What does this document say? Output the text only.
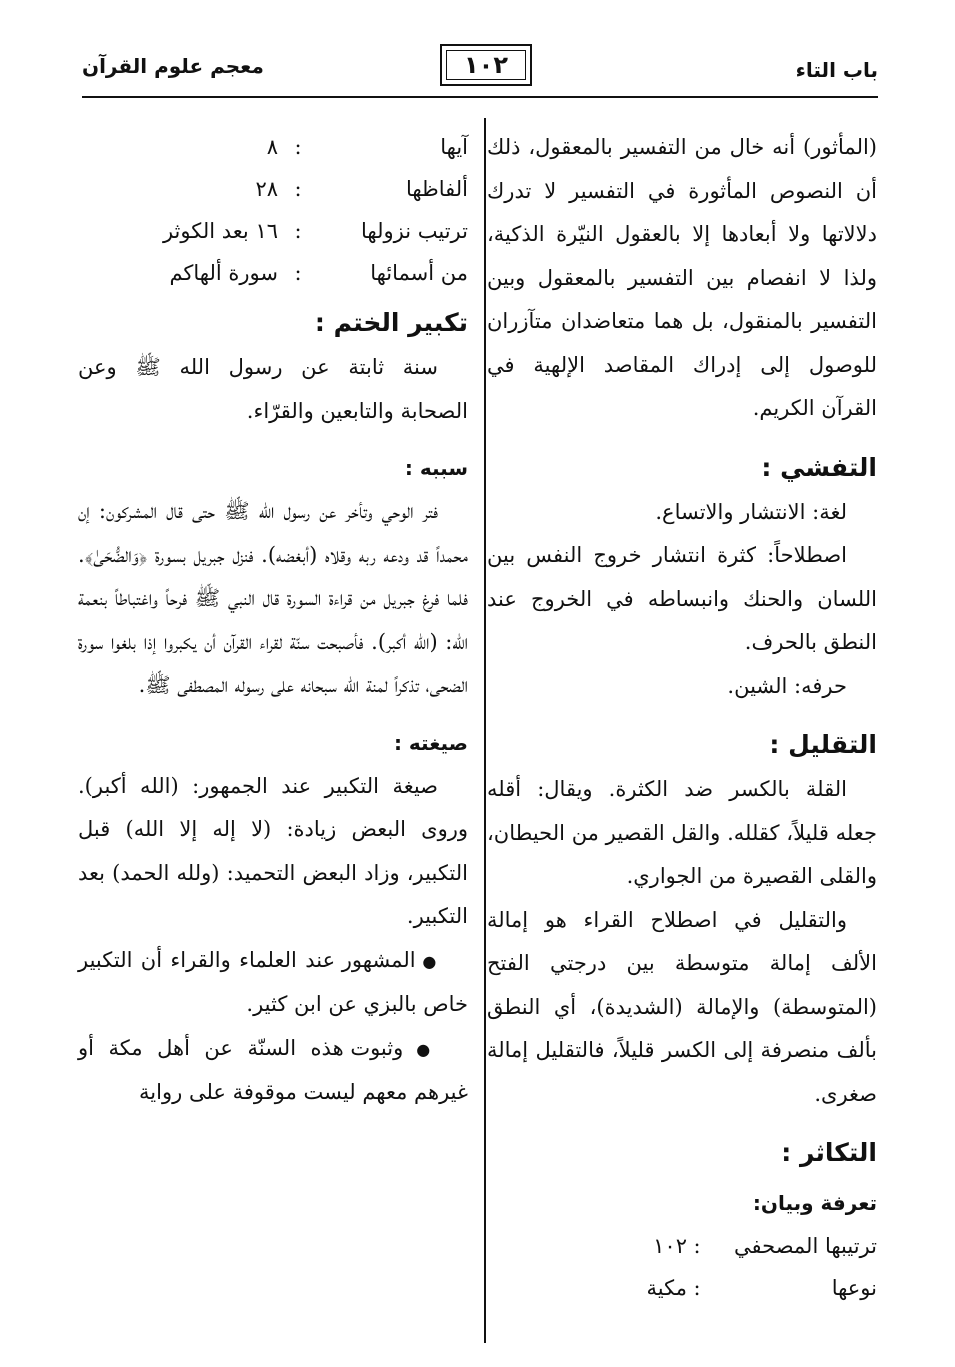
باب التاء
١٠٢
معجم علوم القرآن

(المأثور) أنه خال من التفسير بالمعقول، ذلك أن النصوص المأثورة في التفسير لا تدرك دلالاتها ولا أبعادها إلا بالعقول النيّرة الذكية، ولذا لا انفصام بين التفسير بالمعقول وبين التفسير بالمنقول، بل هما متعاضدان متآزران للوصول إلى إدراك المقاصد الإلهية في القرآن الكريم.

التفشي :

لغة: الانتشار والاتساع.

اصطلاحاً: كثرة انتشار خروج النفس بين اللسان والحنك وانبساطه في الخروج عند النطق بالحرف.

حرفه: الشين.

التقليل :

القلة بالكسر ضد الكثرة. ويقال: أقله جعله قليلاً، كقلله. والقل القصير من الحيطان، والقلى القصيرة من الجواري.

والتقليل في اصطلاح القراء هو إمالة الألف إمالة متوسطة بين درجتي الفتح (المتوسطة) والإمالة (الشديدة)، أي النطق بألف منصرفة إلى الكسر قليلاً، فالتقليل إمالة صغرى.

التكاثر :
تعرفة وبيان:
ترتيبها المصحفي
:
١٠٢
نوعها
:
مكية
آيها
:
٨
ألفاظها
:
٢٨
ترتيب نزولها
:
١٦ بعد الكوثر
من أسمائها
:
سورة ألهاكم
تكبير الختم :

سنة ثابتة عن رسول الله ﷺ وعن الصحابة والتابعين والقرّاء.

سببه :

فتر الوحي وتأخر عن رسول الله ﷺ حتى قال المشركون: إن محمداً قد ودعه ربه وقلاه (أبغضه). فنزل جبريل بسورة ﴿وَالضُّحَىٰ﴾. فلما فرغ جبريل من قراءة السورة قال النبي ﷺ فرحاً واغتباطاً بنعمة الله: (الله أكبر). فأصبحت سنّة لقراء القرآن أن يكبروا إذا بلغوا سورة الضحى، تذكراً لمنة الله سبحانه على رسوله المصطفى ﷺ.

صيغته :

صيغة التكبير عند الجمهور: (الله أكبر). وروى البعض زيادة: (لا إله إلا الله) قبل التكبير، وزاد البعض التحميد: (ولله الحمد) بعد التكبير.

● المشهور عند العلماء والقراء أن التكبير خاص بالبزي عن ابن كثير.

● وثبوت هذه السنّة عن أهل مكة أو غيرهم معهم ليست موقوفة على رواية
